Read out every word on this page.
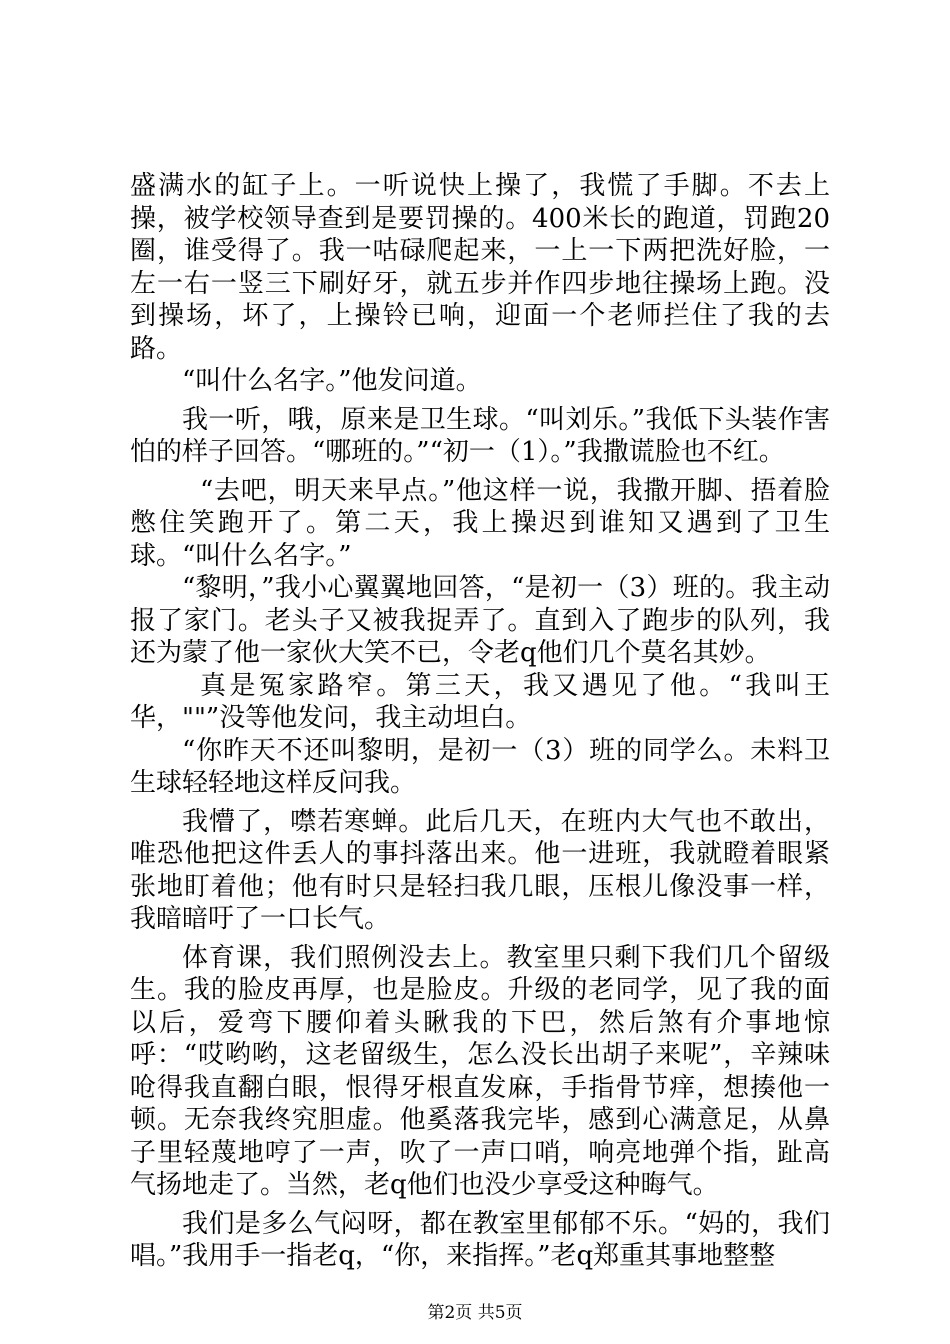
盛满水的缸子上。一听说快上操了，我慌了手脚。不去上操，被学校领导查到是要罚操的。400米长的跑道，罚跑20圈，谁受得了。我一咕碌爬起来，一上一下两把洗好脸，一左一右一竖三下刷好牙，就五步并作四步地往操场上跑。没到操场，坏了，上操铃已响，迎面一个老师拦住了我的去路。

“叫什么名字。”他发问道。

我一听，哦，原来是卫生球。“叫刘乐。”我低下头装作害怕的样子回答。“哪班的。”“初一（1）。”我撒谎脸也不红。

“去吧，明天来早点。”他这样一说，我撒开脚、捂着脸憋住笑跑开了。第二天，我上操迟到谁知又遇到了卫生球。“叫什么名字。”

“黎明，”我小心翼翼地回答，“是初一（3）班的。我主动报了家门。老头子又被我捉弄了。直到入了跑步的队列，我还为蒙了他一家伙大笑不已，令老q他们几个莫名其妙。

真是冤家路窄。第三天，我又遇见了他。“我叫王华，""”没等他发问，我主动坦白。

“你昨天不还叫黎明，是初一（3）班的同学么。未料卫生球轻轻地这样反问我。

我懵了，噤若寒蝉。此后几天，在班内大气也不敢出，唯恐他把这件丢人的事抖落出来。他一进班，我就瞪着眼紧张地盯着他；他有时只是轻扫我几眼，压根儿像没事一样，我暗暗吁了一口长气。

体育课，我们照例没去上。教室里只剩下我们几个留级生。我的脸皮再厚，也是脸皮。升级的老同学，见了我的面以后，爱弯下腰仰着头瞅我的下巴，然后煞有介事地惊呼：“哎哟哟，这老留级生，怎么没长出胡子来呢”，辛辣味呛得我直翻白眼，恨得牙根直发麻，手指骨节痒，想揍他一顿。无奈我终究胆虚。他奚落我完毕，感到心满意足，从鼻子里轻蔑地哼了一声，吹了一声口哨，响亮地弹个指，趾高气扬地走了。当然，老q他们也没少享受这种晦气。

我们是多么气闷呀，都在教室里郁郁不乐。“妈的，我们唱。”我用手一指老q，“你，来指挥。”老q郑重其事地整整

第2页 共5页
